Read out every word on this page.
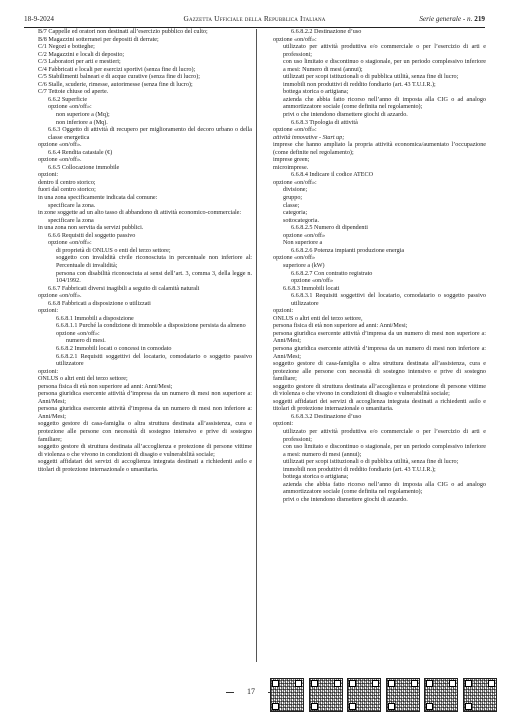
18-9-2024	Gazzetta Ufficiale della Repubblica Italiana	Serie generale - n. 219

B/7 Cappelle ed oratori non destinati all’esercizio pubblico del culto;

B/8 Magazzini sotterranei per depositi di derrate;

C/1 Negozi e botteghe;

C/2 Magazzini e locali di deposito;

C/3 Laboratori per arti e mestieri;

C/4 Fabbricati e locali per esercizi sportivi (senza fine di lucro);

C/5 Stabilimenti balneari e di acque curative (senza fine di lucro);

C/6 Stalle, scuderie, rimesse, autorimesse (senza fine di lucro);

C/7 Tettoie chiuse od aperte.

6.6.2 Superficie

opzione «on/off»:

non superiore a (Mq);

non inferiore a (Mq).

6.6.3 Oggetto di attività di recupero per miglioramento del decoro urbano o della classe energetica

opzione «on/off».

6.6.4 Rendita catastale (€)

opzione «on/off».

6.6.5 Collocazione immobile

opzioni:

dentro il centro storico;

fuori dal centro storico;

in una zona specificamente indicata dal comune:

specificare la zona.

in zone soggette ad un alto tasso di abbandono di attività economico-commerciale:

specificare la zona

in una zona non servita da servizi pubblici.

6.6.6 Requisiti del soggetto passivo

opzione «on/off»:

di proprietà di ONLUS o enti del terzo settore;

soggetto con invalidità civile riconosciuta in percentuale non inferiore al: Percentuale di invalidità;

persona con disabilità riconosciuta ai sensi dell’art. 3, comma 3, della legge n. 104/1992.

6.6.7 Fabbricati diversi inagibili a seguito di calamità naturali

opzione «on/off».

6.6.8 Fabbricati a disposizione o utilizzati

opzioni:

6.6.8.1 Immobili a disposizione

6.6.8.1.1 Purché la condizione di immobile a disposizione persista da almeno

opzione «on/off»:

numero di mesi.

6.6.8.2 Immobili locati o concessi in comodato

6.6.8.2.1 Requisiti soggettivi del locatario, comodatario o soggetto passivo utilizzatore

opzioni:

ONLUS o altri enti del terzo settore;

persona fisica di età non superiore ad anni: Anni/Mesi;

persona giuridica esercente attività d’impresa da un numero di mesi non superiore a: Anni/Mesi;

persona giuridica esercente attività d’impresa da un numero di mesi non inferiore a: Anni/Mesi;

soggetto gestore di casa-famiglia o altra struttura destinata all’assistenza, cura e protezione alle persone con necessità di sostegno intensivo e prive di sostegno familiare;

soggetto gestore di struttura destinata all’accoglienza e protezione di persone vittime di violenza o che vivono in condizioni di disagio e vulnerabilità sociale;

soggetti affidatari dei servizi di accoglienza integrata destinati a richiedenti asilo e titolari di protezione internazionale o umanitaria.

6.6.8.2.2 Destinazione d’uso

opzione «on/off»:

utilizzato per attività produttiva e/o commerciale o per l’esercizio di arti e professioni;

con uso limitato e discontinuo o stagionale, per un periodo complessivo inferiore a mesi: Numero di mesi (annui);

utilizzati per scopi istituzionali o di pubblica utilità, senza fine di lucro;

immobili non produttivi di reddito fondiario (art. 43 T.U.I.R.);

bottega storica o artigiana;

azienda che abbia fatto ricorso nell’anno di imposta alla CIG o ad analogo ammortizzatore sociale (come definita nel regolamento);

privi o che intendono dismettere giochi di azzardo.

6.6.8.3 Tipologia di attività

opzione «on/off»:

attività innovative - Start up;

imprese che hanno ampliato la propria attività economica/aumentato l’occupazione (come definite nel regolamento);

imprese green;

microimprese.

6.6.8.4 Indicare il codice ATECO

opzione «on/off»:

divisione;

gruppo;

classe;

categoria;

sottocategoria.

6.6.8.2.5 Numero di dipendenti

opzione «on/off»

Non superiore a

6.6.8.2.6 Potenza impianti produzione energia

opzione «on/off»

superiore a (kW)

6.6.8.2.7 Con contratto registrato

opzione «on/off»

6.6.8.3 Immobili locati

6.6.8.3.1 Requisiti soggettivi del locatario, comodatario o soggetto passivo utilizzatore

opzioni:

ONLUS o altri enti del terzo settore,

persona fisica di età non superiore ad anni: Anni/Mesi;

persona giuridica esercente attività d’impresa da un numero di mesi non superiore a: Anni/Mesi;

persona giuridica esercente attività d’impresa da un numero di mesi non inferiore a: Anni/Mesi;

soggetto gestore di casa-famiglia o altra struttura destinata all’assistenza, cura e protezione alle persone con necessità di sostegno intensivo e prive di sostegno familiare;

soggetto gestore di struttura destinata all’accoglienza e protezione di persone vittime di violenza o che vivono in condizioni di disagio e vulnerabilità sociale;

soggetti affidatari dei servizi di accoglienza integrata destinati a richiedenti asilo e titolari di protezione internazionale o umanitaria.

6.6.8.3.2 Destinazione d’uso

opzioni:

utilizzato per attività produttiva e/o commerciale o per l’esercizio di arti e professioni;

con uso limitato e discontinuo o stagionale, per un periodo complessivo inferiore a mesi: numero di mesi (annui);

utilizzati per scopi istituzionali o di pubblica utilità, senza fine di lucro;

immobili non produttivi di reddito fondiario (art. 43 T.U.I.R.);

bottega storica o artigiana;

azienda che abbia fatto ricorso nell’anno di imposta alla CIG o ad analogo ammortizzatore sociale (come definita nel regolamento);

privi o che intendono dismettere giochi di azzardo.

17
